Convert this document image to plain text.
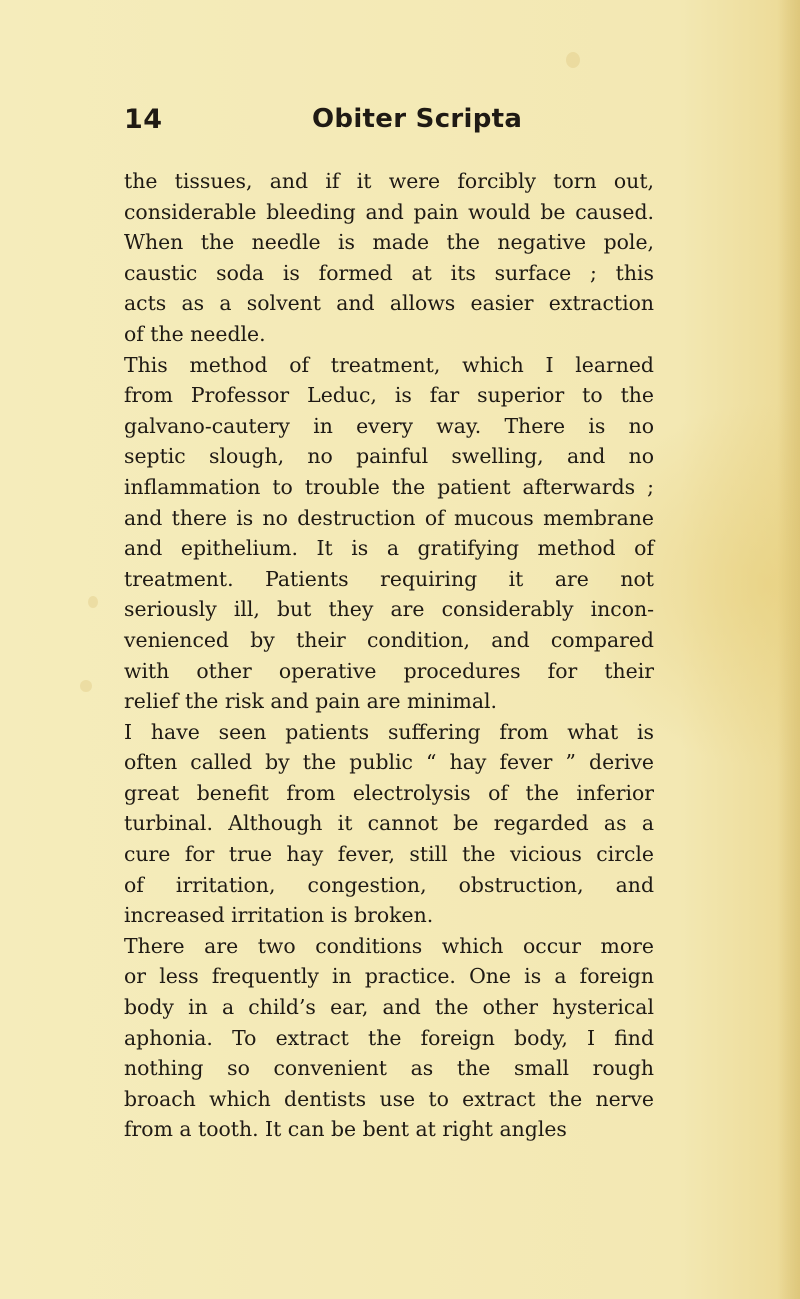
14	Obiter Scripta
the tissues, and if it were forcibly torn out,
considerable bleeding and pain would be caused.
When the needle is made the negative pole,
caustic soda is formed at its surface ; this
acts as a solvent and allows easier extraction
of the needle.
This method of treatment, which I learned
from Professor Leduc, is far superior to the
galvano-cautery in every way. There is no
septic slough, no painful swelling, and no
inflammation to trouble the patient afterwards ;
and there is no destruction of mucous membrane
and epithelium. It is a gratifying method of
treatment. Patients requiring it are not
seriously ill, but they are considerably incon-
venienced by their condition, and compared
with other operative procedures for their
relief the risk and pain are minimal.
I have seen patients suffering from what is
often called by the public “ hay fever ” derive
great benefit from electrolysis of the inferior
turbinal. Although it cannot be regarded as a
cure for true hay fever, still the vicious circle
of irritation, congestion, obstruction, and
increased irritation is broken.
There are two conditions which occur more
or less frequently in practice. One is a foreign
body in a child’s ear, and the other hysterical
aphonia. To extract the foreign body, I find
nothing so convenient as the small rough
broach which dentists use to extract the nerve
from a tooth. It can be bent at right angles
